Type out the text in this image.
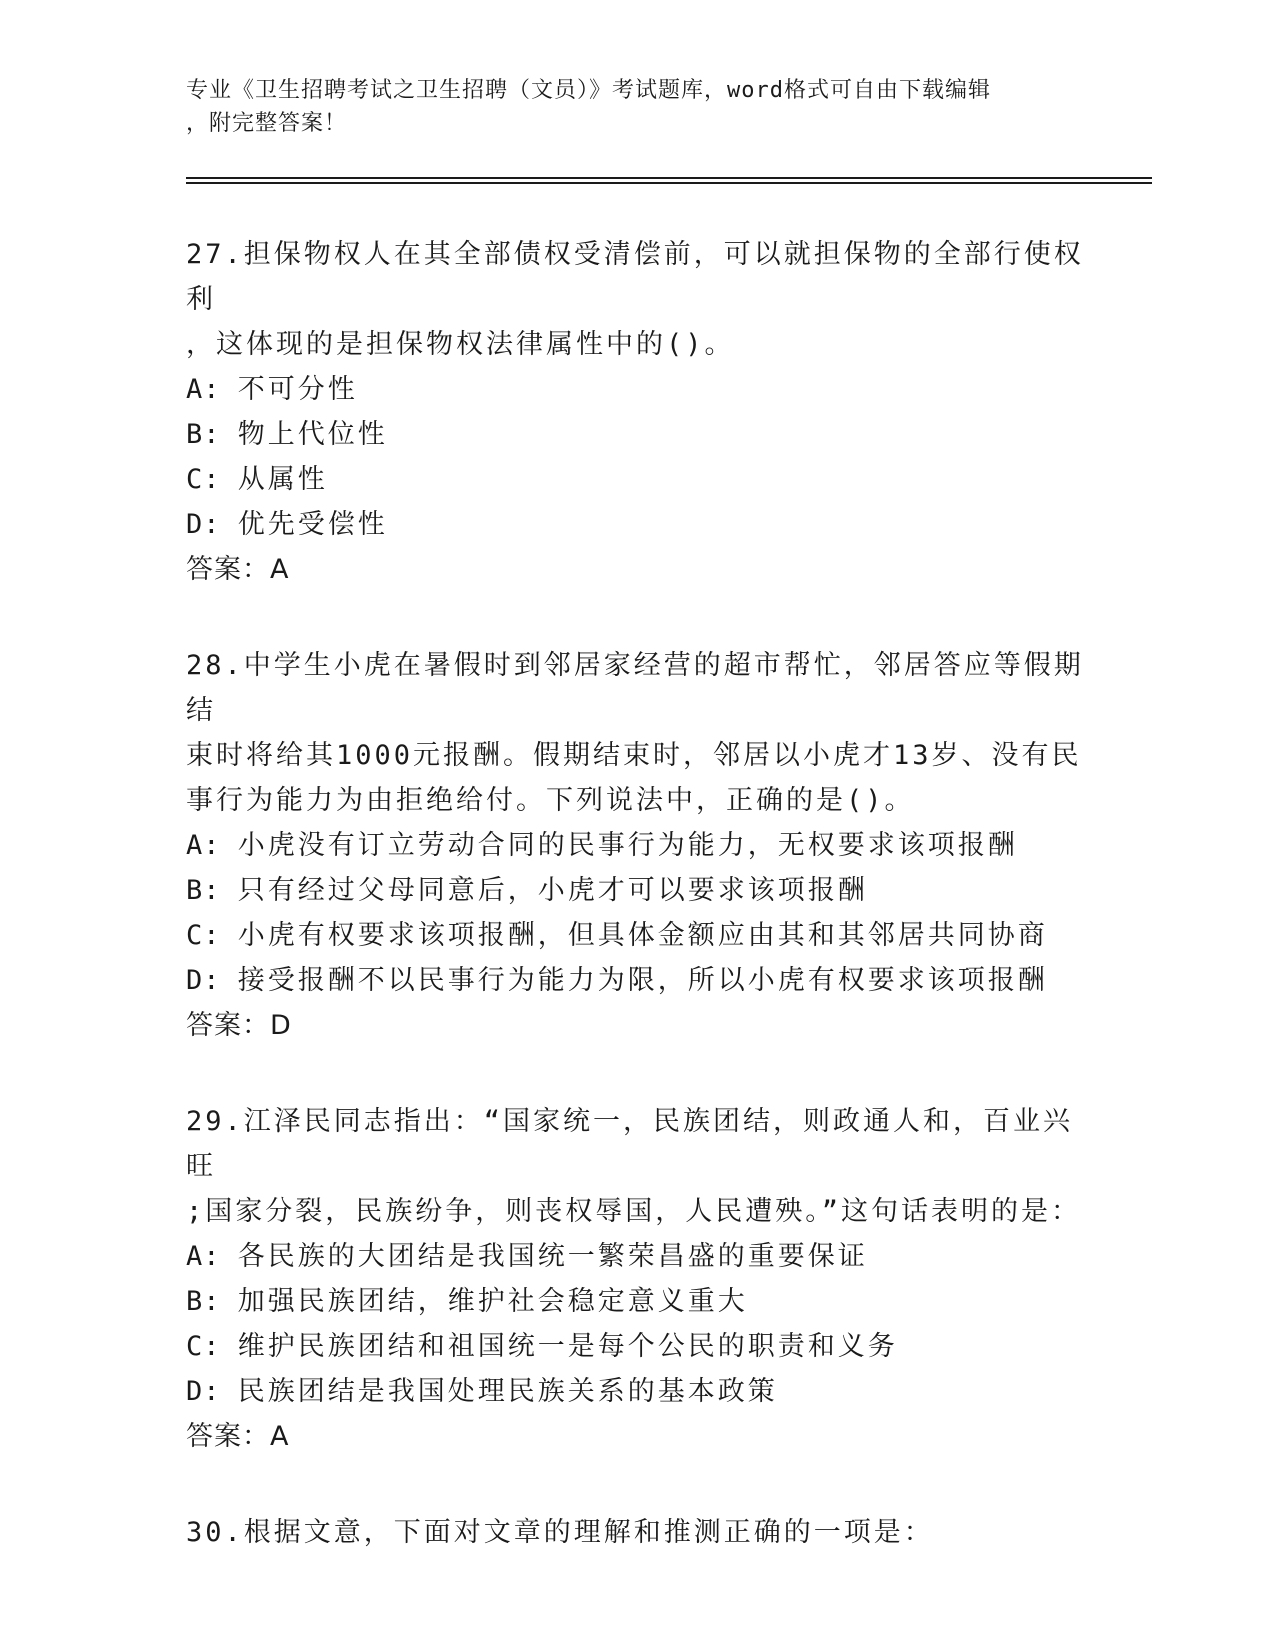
专业《卫生招聘考试之卫生招聘（文员）》考试题库，word格式可自由下载编辑
，附完整答案！
27.担保物权人在其全部债权受清偿前，可以就担保物的全部行使权利
，这体现的是担保物权法律属性中的()。
A: 不可分性
B: 物上代位性
C: 从属性
D: 优先受偿性
答案：A
28.中学生小虎在暑假时到邻居家经营的超市帮忙，邻居答应等假期结
束时将给其1000元报酬。假期结束时，邻居以小虎才13岁、没有民
事行为能力为由拒绝给付。下列说法中，正确的是()。
A: 小虎没有订立劳动合同的民事行为能力，无权要求该项报酬
B: 只有经过父母同意后，小虎才可以要求该项报酬
C: 小虎有权要求该项报酬，但具体金额应由其和其邻居共同协商
D: 接受报酬不以民事行为能力为限，所以小虎有权要求该项报酬
答案：D
29.江泽民同志指出：“国家统一，民族团结，则政通人和，百业兴旺
;国家分裂，民族纷争，则丧权辱国，人民遭殃。”这句话表明的是：
A: 各民族的大团结是我国统一繁荣昌盛的重要保证
B: 加强民族团结，维护社会稳定意义重大
C: 维护民族团结和祖国统一是每个公民的职责和义务
D: 民族团结是我国处理民族关系的基本政策
答案：A
30.根据文意，下面对文章的理解和推测正确的一项是：
